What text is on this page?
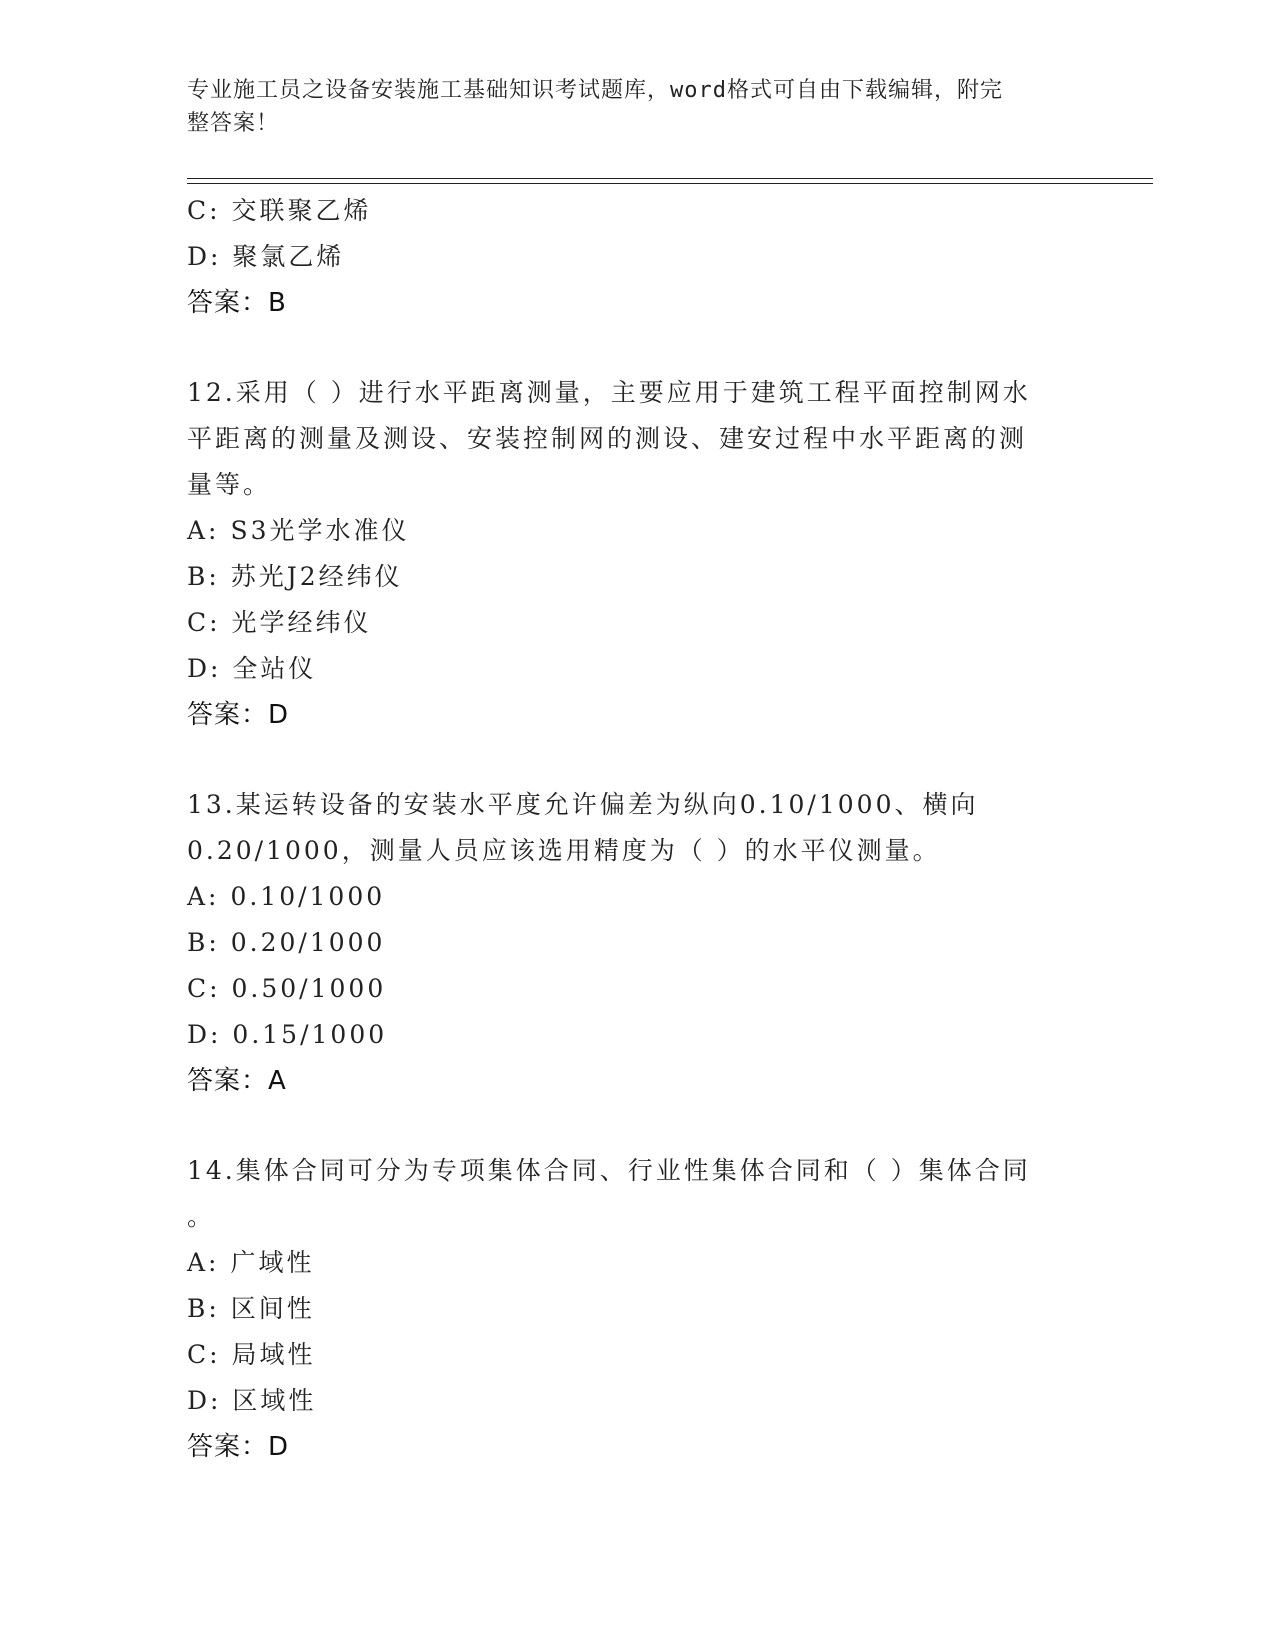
专业施工员之设备安装施工基础知识考试题库，word格式可自由下载编辑，附完
整答案！
C: 交联聚乙烯
D: 聚氯乙烯
答案：B
12.采用（ ）进行水平距离测量，主要应用于建筑工程平面控制网水
平距离的测量及测设、安装控制网的测设、建安过程中水平距离的测
量等。
A: S3光学水准仪
B: 苏光J2经纬仪
C: 光学经纬仪
D: 全站仪
答案：D
13.某运转设备的安装水平度允许偏差为纵向0.10/1000、横向
0.20/1000，测量人员应该选用精度为（ ）的水平仪测量。
A: 0.10/1000
B: 0.20/1000
C: 0.50/1000
D: 0.15/1000
答案：A
14.集体合同可分为专项集体合同、行业性集体合同和（ ）集体合同
。
A: 广域性
B: 区间性
C: 局域性
D: 区域性
答案：D
